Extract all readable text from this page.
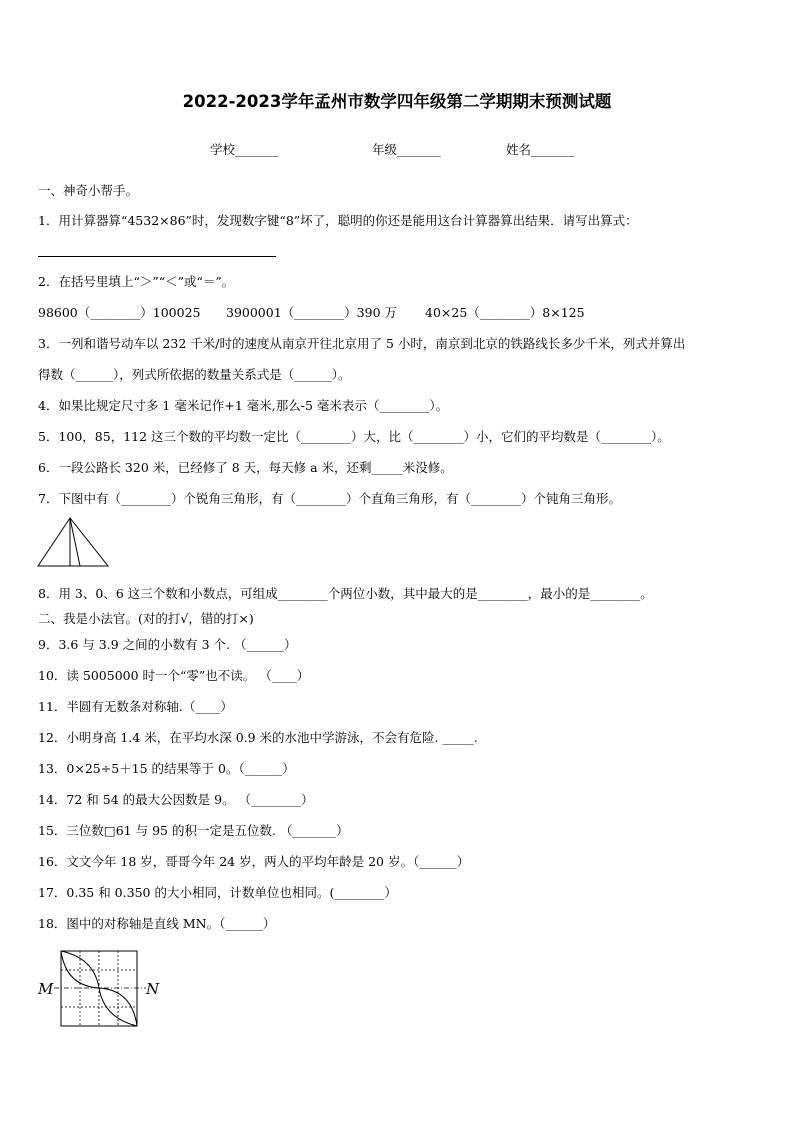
2022-2023学年孟州市数学四年级第二学期期末预测试题
学校_______	年级_______	姓名_______
一、神奇小帮手。
1．用计算器算“4532×86”时，发现数字键“8”坏了，聪明的你还是能用这台计算器算出结果．请写出算式：
2．在括号里填上“＞”“＜”或“＝”。
98600（________）100025 3900001（________）390 万 40×25（________）8×125
3．一列和谐号动车以 232 千米/时的速度从南京开往北京用了 5 小时，南京到北京的铁路线长多少千米，列式并算出
得数（______），列式所依据的数量关系式是（______）。
4．如果比规定尺寸多 1 毫米记作+1 毫米,那么-5 毫米表示（________）。
5．100，85，112 这三个数的平均数一定比（________）大，比（________）小，它们的平均数是（________）。
6．一段公路长 320 米，已经修了 8 天，每天修 a 米，还剩_____米没修。
7．下图中有（________）个锐角三角形，有（________）个直角三角形，有（________）个钝角三角形。
8．用 3、0、6 这三个数和小数点，可组成________个两位小数，其中最大的是________，最小的是________。
二、我是小法官。(对的打√，错的打×)
9．3.6 与 3.9 之间的小数有 3 个. （______）
10．读 5005000 时一个“零”也不读。 （____）
11．半圆有无数条对称轴.（____）
12．小明身高 1.4 米，在平均水深 0.9 米的水池中学游泳，不会有危险. _____.
13．0×25÷5＋15 的结果等于 0。（______）
14．72 和 54 的最大公因数是 9。 （________）
15．三位数□61 与 95 的积一定是五位数. （_______）
16．文文今年 18 岁，哥哥今年 24 岁，两人的平均年龄是 20 岁。（______）
17．0.35 和 0.350 的大小相同，计数单位也相同。(________）
18．图中的对称轴是直线 MN。（______）
M	N
